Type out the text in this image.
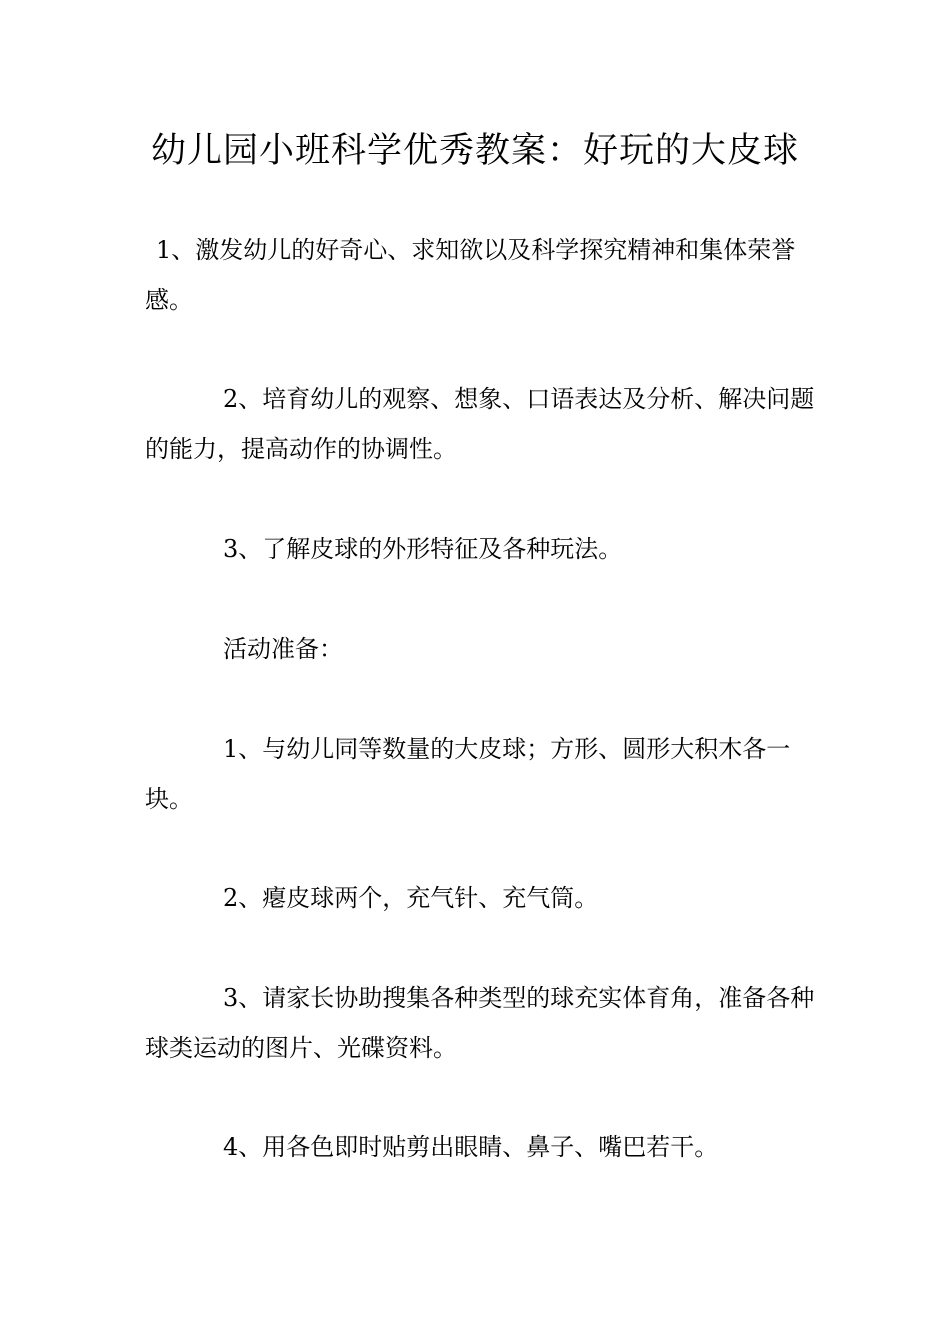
幼儿园小班科学优秀教案：好玩的大皮球

1、激发幼儿的好奇心、求知欲以及科学探究精神和集体荣誉感。

2、培育幼儿的观察、想象、口语表达及分析、解决问题的能力，提高动作的协调性。

3、了解皮球的外形特征及各种玩法。

活动准备：

1、与幼儿同等数量的大皮球；方形、圆形大积木各一块。

2、瘪皮球两个，充气针、充气筒。

3、请家长协助搜集各种类型的球充实体育角，准备各种球类运动的图片、光碟资料。

4、用各色即时贴剪出眼睛、鼻子、嘴巴若干。
